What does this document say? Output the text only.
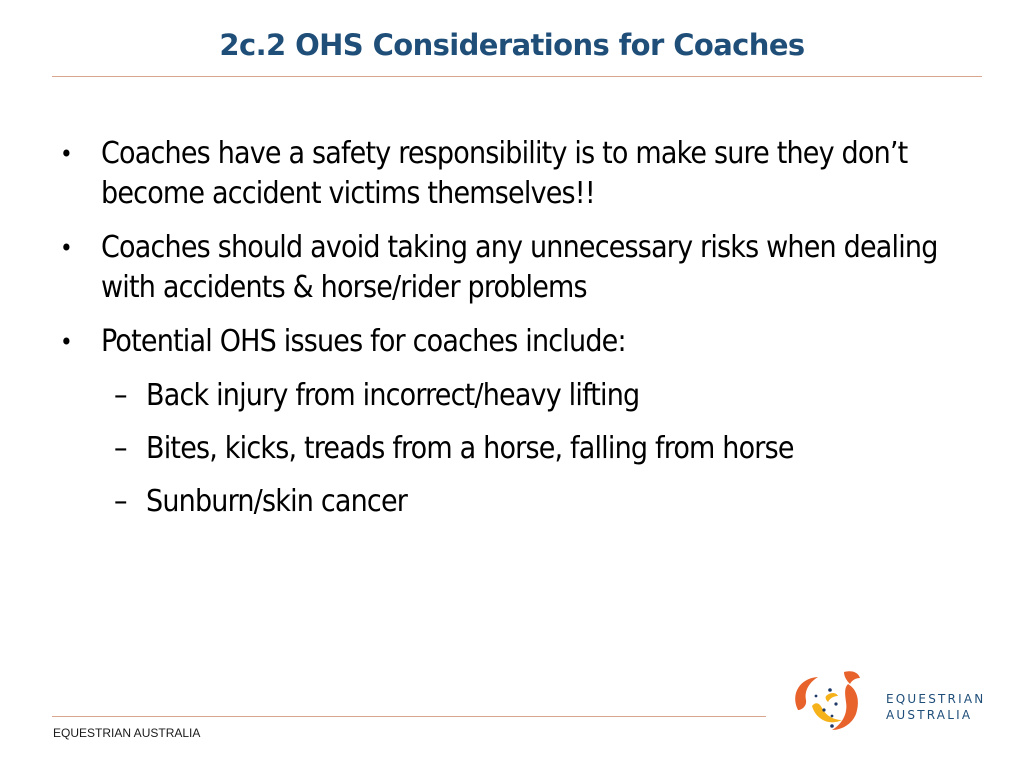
2c.2 OHS Considerations for Coaches
• Coaches have a safety responsibility is to make sure they don’t become accident victims themselves!!
• Coaches should avoid taking any unnecessary risks when dealing with accidents & horse/rider problems
• Potential OHS issues for coaches include:
– Back injury from incorrect/heavy lifting
– Bites, kicks, treads from a horse, falling from horse
– Sunburn/skin cancer
EQUESTRIAN AUSTRALIA
EQUESTRIAN
AUSTRALIA
